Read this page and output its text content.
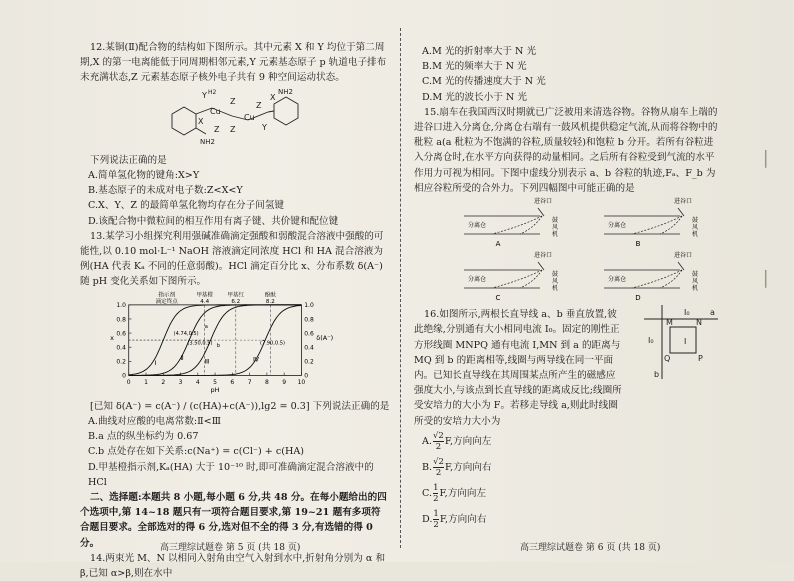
12.某铜(Ⅱ)配合物的结构如下图所示。其中元素 X 和 Y 均位于第二周期,X 的第一电离能低于同周期相邻元素,Y 元素基态原子 p 轨道电子排布未充满状态,Z 元素基态原子核外电子共有 9 种空间运动状态。

Y H2
Cu
Z
Z
Cu
X
NH2
X
Z
Z
Y
NH2

下列说法正确的是

A.简单氢化物的键角:X>Y

B.基态原子的未成对电子数:Z<X<Y

C.X、Y、Z 的最简单氢化物均存在分子间氢键

D.该配合物中微粒间的相互作用有离子键、共价键和配位键

13.某学习小组探究利用强碱准确滴定强酸和弱酸混合溶液中强酸的可能性,以 0.10 mol·L⁻¹ NaOH 溶液滴定同浓度 HCl 和 HA 混合溶液为例(HA 代表 Kₐ 不同的任意弱酸)。HCl 滴定百分比 x、分布系数 δ(A⁻) 随 pH 变化关系如下图所示。

0	0
0.2	0.2
0.4	0.4
0.6	0.6
0.8	0.8
1.0	1.0
0 1 2 3 4 5 6 7 8 9 10
pH
x	δ(A⁻)
Ⅰ
Ⅱ	Ⅲ	Ⅳ
(4.74,0.5)
(3.50,0.5)	(7.90,0.5)
a
b
指示剂
滴定终点
甲基橙
4.4
甲基红
6.2
酚酞
8.2

[已知 δ(A⁻) = c(A⁻) / (c(HA)+c(A⁻)),lg2 = 0.3] 下列说法正确的是

A.曲线对应酸的电离常数:Ⅱ<Ⅲ

B.a 点的纵坐标约为 0.67

C.b 点处存在如下关系:c(Na⁺) = c(Cl⁻) + c(HA)

D.甲基橙指示剂,Kₐ(HA) 大于 10⁻¹⁰ 时,即可准确滴定混合溶液中的 HCl

二、选择题:本题共 8 小题,每小题 6 分,共 48 分。在每小题给出的四个选项中,第 14~18 题只有一项符合题目要求,第 19~21 题有多项符合题目要求。全部选对的得 6 分,选对但不全的得 3 分,有选错的得 0 分。

14.两束光 M、N 以相同入射角由空气入射到水中,折射角分别为 α 和 β,已知 α>β,则在水中

高三理综试题卷 第 5 页 (共 18 页)

A.M 光的折射率大于 N 光

B.M 光的频率大于 N 光

C.M 光的传播速度大于 N 光

D.M 光的波长小于 N 光

15.扇车在我国西汉时期就已广泛被用来清选谷物。谷物从扇车上端的进谷口进入分离仓,分离仓右端有一鼓风机提供稳定气流,从而将谷物中的秕粒 a(a 秕粒为不饱满的谷粒,质量较轻)和饱粒 b 分开。若所有谷粒进入分离仓时,在水平方向获得的动量相同。之后所有谷粒受到气流的水平作用力可视为相同。下图中虚线分别表示 a、b 谷粒的轨迹,Fₐ、F_b 为相应谷粒所受的合外力。下列四幅图中可能正确的是

进谷口
分离仓
鼓
风
机
A
进谷口
分离仓
鼓
风
机
B
进谷口
分离仓
鼓
风
机
C
进谷口
分离仓
鼓
风
机
D

16.如图所示,两根长直导线 a、b 垂直放置,彼此绝缘,分别通有大小相同电流 I₀。固定的刚性正方形线圈 MNPQ 通有电流 I,MN 到 a 的距离与 MQ 到 b 的距离相等,线圈与两导线在同一平面内。已知长直导线在其周围某点所产生的磁感应强度大小,与该点到长直导线的距离成反比;线圈所受安培力的大小为 F。若移走导线 a,则此时线圈所受的安培力大小为

a
b
I₀
I₀
M	N
P
Q
I
A. $\frac{√2}{2} F$,方向向左
B. $\frac{√2}{2} F$,方向向右
C. $\frac{1}{2} F$,方向向左
D. $\frac{1}{2} F$,方向向右
高三理综试题卷 第 6 页 (共 18 页)
▏
▏
